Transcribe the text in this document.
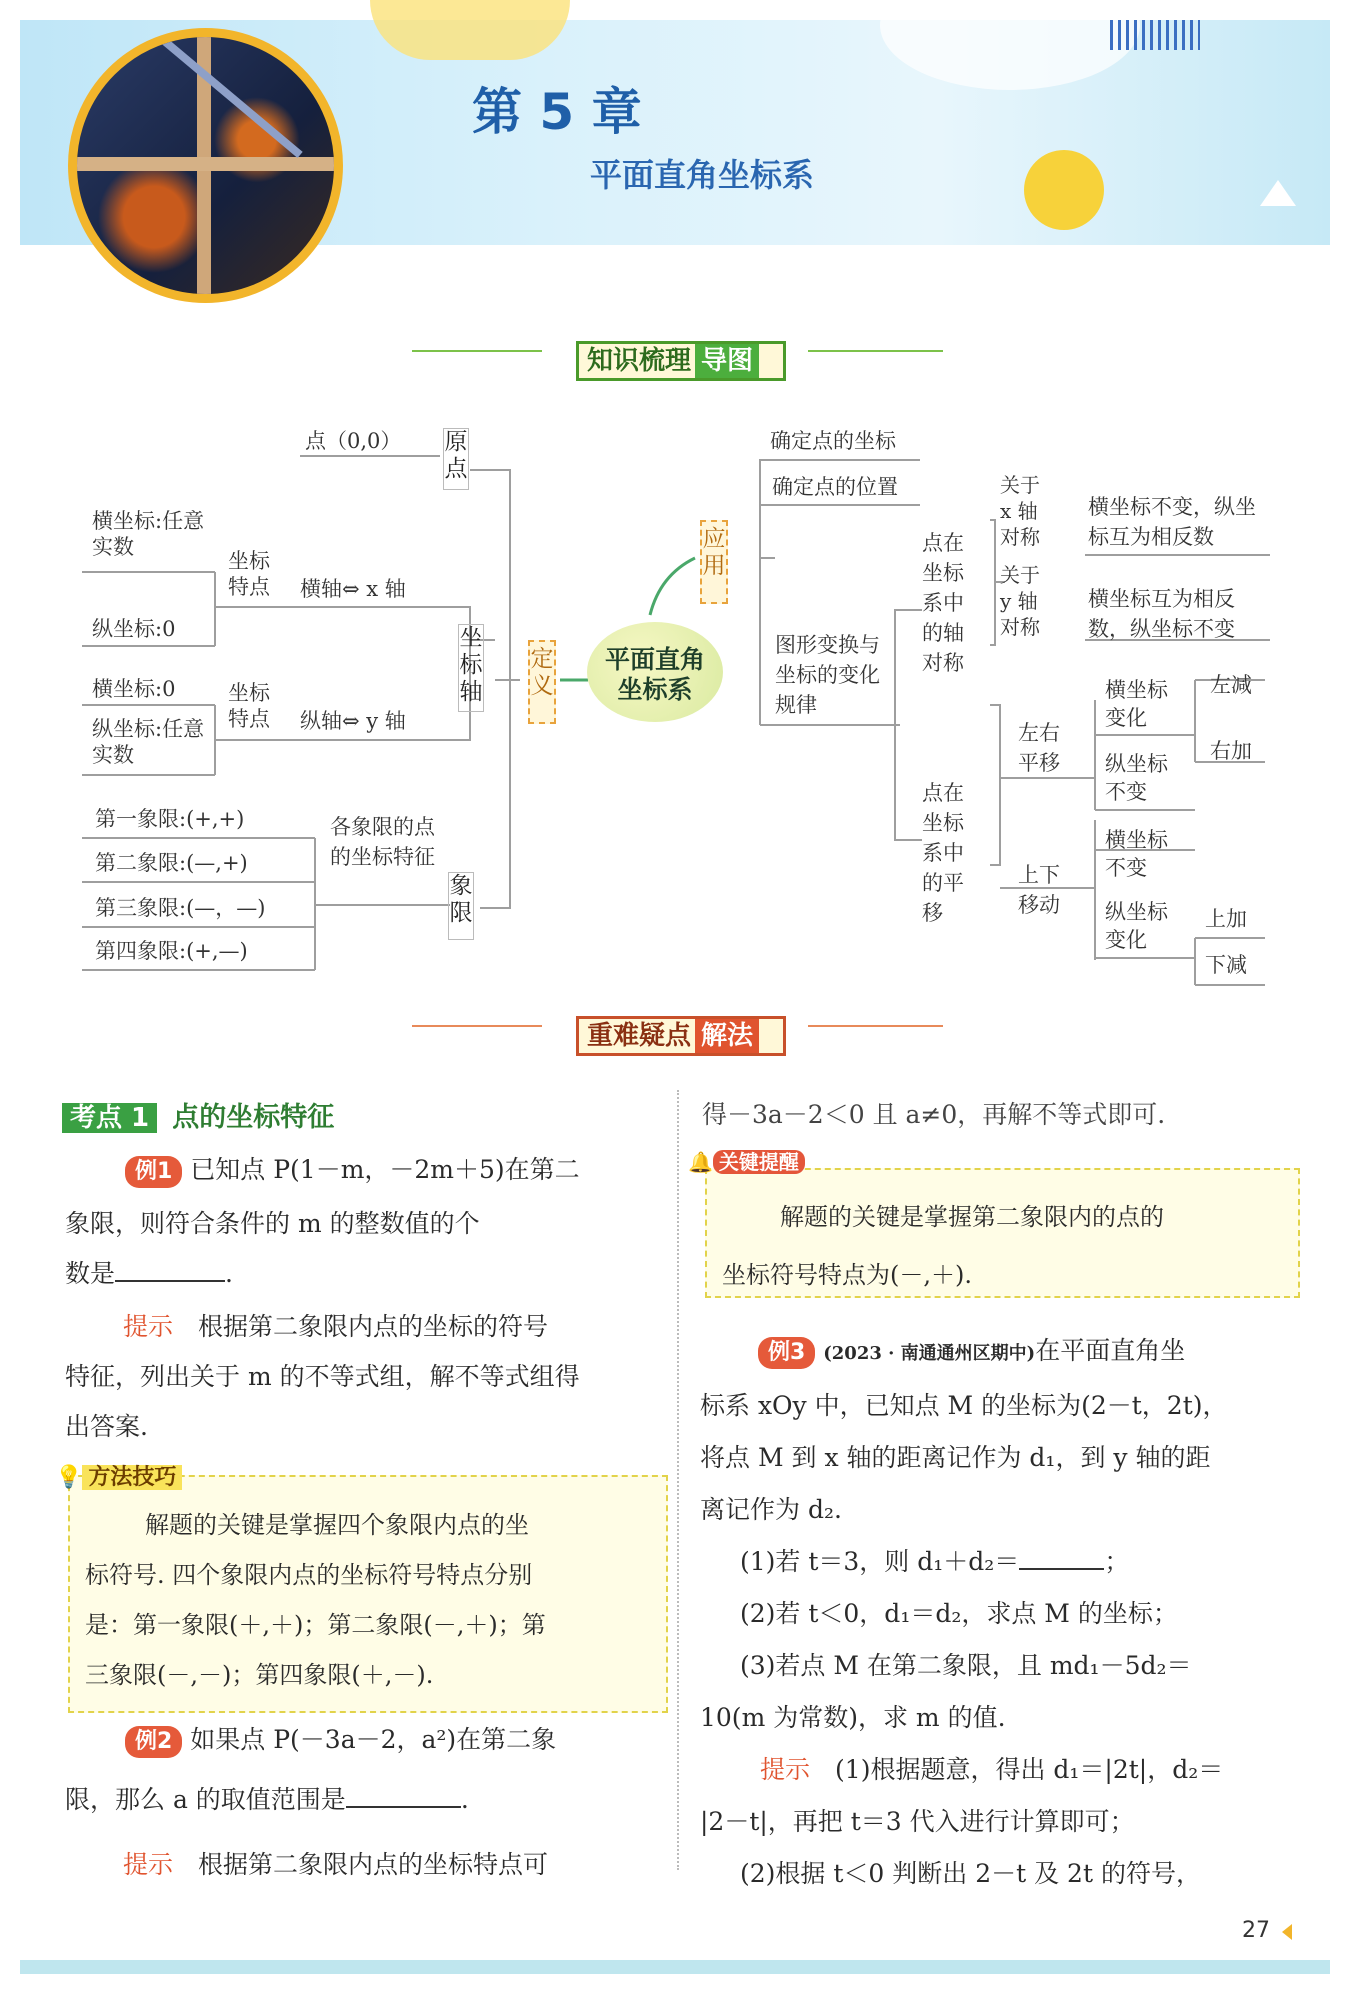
第 5 章
平面直角坐标系
知识梳理 导图
平面直角坐标系
定义
应用
原点
点（0,0）
坐标轴
横坐标:任意实数
纵坐标:0
坐标特点	横轴⇔ x 轴
横坐标:0
纵坐标:任意实数
坐标特点	纵轴⇔ y 轴
象限
各象限的点的坐标特征
第一象限:(+,+)
第二象限:(—,+)
第三象限:(—，—)
第四象限:(+,—)
确定点的坐标
确定点的位置
图形变换与坐标的变化规律
点在坐标系中的轴对称
关于 x 轴对称
横坐标不变，纵坐标互为相反数
关于 y 轴对称
横坐标互为相反数，纵坐标不变
点在坐标系中的平移
左右平移
横坐标变化
左减
右加
纵坐标不变
上下移动
横坐标不变
纵坐标变化
上加
下减
重难疑点 解法
考点 1 点的坐标特征
例1 已知点 P(1－m，－2m＋5)在第二
象限，则符合条件的 m 的整数值的个
数是	.
提示　 根据第二象限内点的坐标的符号
特征，列出关于 m 的不等式组，解不等式组得
出答案.
💡 方法技巧
解题的关键是掌握四个象限内点的坐
标符号. 四个象限内点的坐标符号特点分别
是：第一象限(＋,＋)；第二象限(－,＋)；第
三象限(－,－)；第四象限(＋,－).
例2 如果点 P(－3a－2，a²)在第二象
限，那么 a 的取值范围是	.
提示　 根据第二象限内点的坐标特点可
得－3a－2＜0 且 a≠0，再解不等式即可.
🔔 关键提醒
解题的关键是掌握第二象限内的点的
坐标符号特点为(－,＋).
例3 (2023 · 南通通州区期中)在平面直角坐
标系 xOy 中，已知点 M 的坐标为(2－t，2t)，
将点 M 到 x 轴的距离记作为 d₁，到 y 轴的距
离记作为 d₂.
(1)若 t＝3，则 d₁＋d₂＝	；
(2)若 t＜0，d₁＝d₂，求点 M 的坐标；
(3)若点 M 在第二象限，且 md₁－5d₂＝
10(m 为常数)，求 m 的值.
提示　 (1)根据题意，得出 d₁＝|2t|，d₂＝
|2－t|，再把 t＝3 代入进行计算即可；
(2)根据 t＜0 判断出 2－t 及 2t 的符号，
27
